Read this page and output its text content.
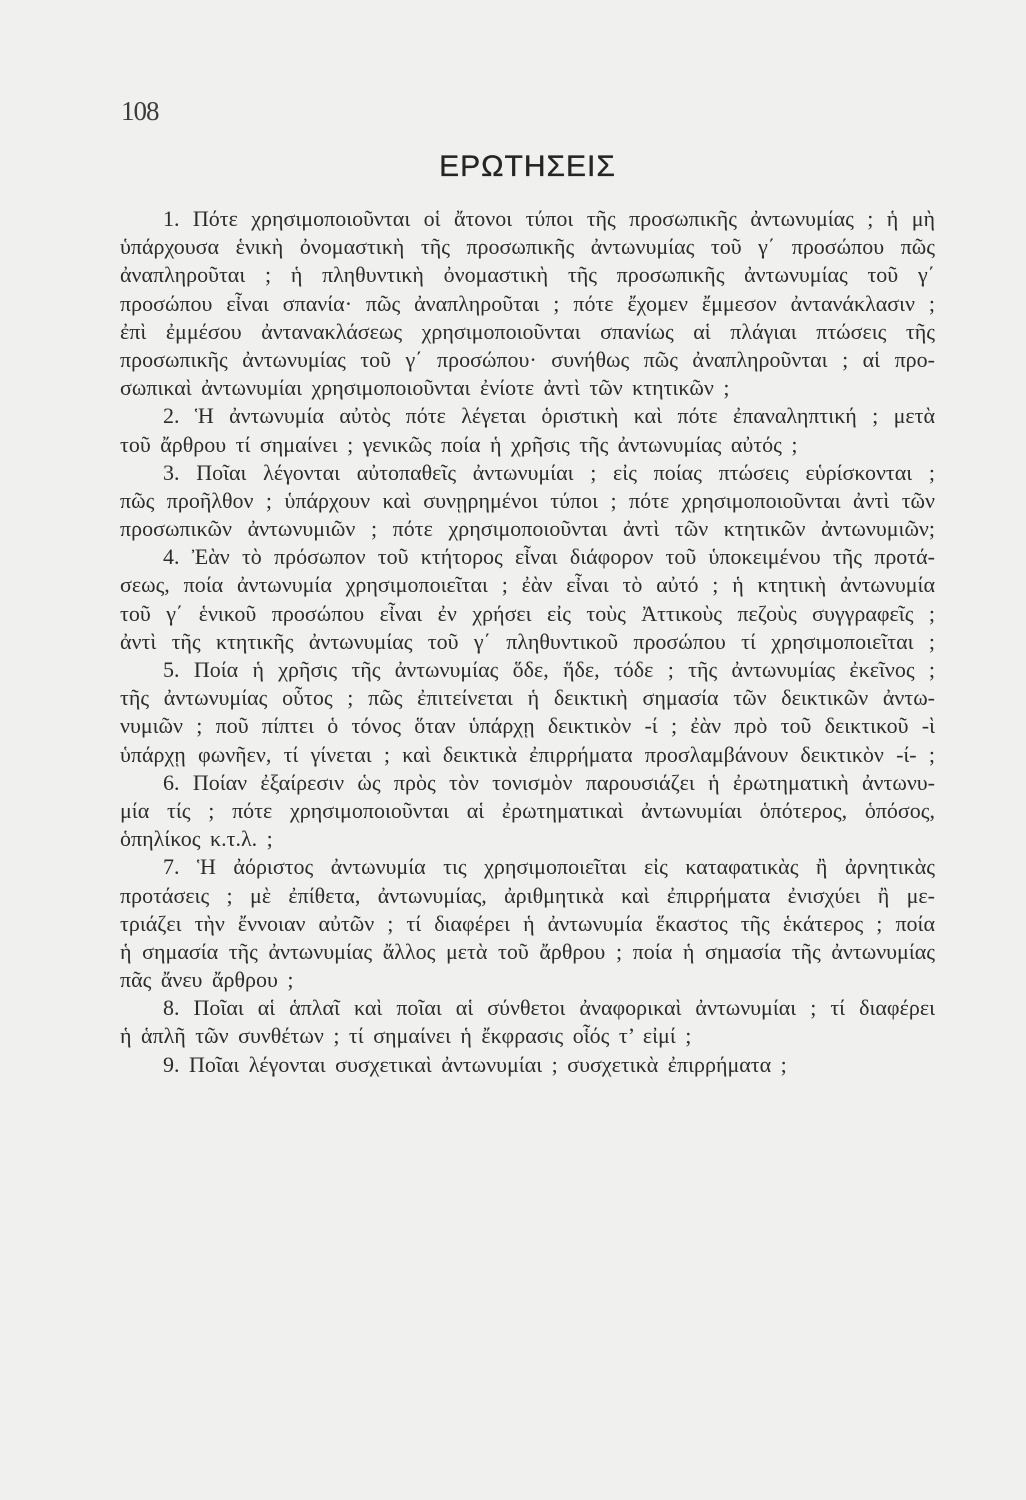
108
ΕΡΩΤΗΣΕΙΣ
1. Πότε χρησιμοποιοῦνται οἱ ἄτονοι τύποι τῆς προσωπικῆς ἀντωνυμίας ; ἡ μὴ
ὑπάρχουσα ἑνικὴ ὀνομαστικὴ τῆς προσωπικῆς ἀντωνυμίας τοῦ γ΄ προσώπου πῶς
ἀναπληροῦται ; ἡ πληθυντικὴ ὀνομαστικὴ τῆς προσωπικῆς ἀντωνυμίας τοῦ γ΄
προσώπου εἶναι σπανία· πῶς ἀναπληροῦται ; πότε ἔχομεν ἔμμεσον ἀντανάκλασιν ;
ἐπὶ ἐμμέσου ἀντανακλάσεως χρησιμοποιοῦνται σπανίως αἱ πλάγιαι πτώσεις τῆς
προσωπικῆς ἀντωνυμίας τοῦ γ΄ προσώπου· συνήθως πῶς ἀναπληροῦνται ; αἱ προ-
σωπικαὶ ἀντωνυμίαι χρησιμοποιοῦνται ἐνίοτε ἀντὶ τῶν κτητικῶν ;
2. Ἡ ἀντωνυμία αὐτὸς πότε λέγεται ὁριστικὴ καὶ πότε ἐπαναληπτική ; μετὰ
τοῦ ἄρθρου τί σημαίνει ; γενικῶς ποία ἡ χρῆσις τῆς ἀντωνυμίας αὐτός ;
3. Ποῖαι λέγονται αὐτοπαθεῖς ἀντωνυμίαι ; εἰς ποίας πτώσεις εὑρίσκονται ;
πῶς προῆλθον ; ὑπάρχουν καὶ συνῃρημένοι τύποι ; πότε χρησιμοποιοῦνται ἀντὶ τῶν
προσωπικῶν ἀντωνυμιῶν ; πότε χρησιμοποιοῦνται ἀντὶ τῶν κτητικῶν ἀντωνυμιῶν;
4. Ἐὰν τὸ πρόσωπον τοῦ κτήτορος εἶναι διάφορον τοῦ ὑποκειμένου τῆς προτά-
σεως, ποία ἀντωνυμία χρησιμοποιεῖται ; ἐὰν εἶναι τὸ αὐτό ; ἡ κτητικὴ ἀντωνυμία
τοῦ γ΄ ἑνικοῦ προσώπου εἶναι ἐν χρήσει εἰς τοὺς Ἀττικοὺς πεζοὺς συγγραφεῖς ;
ἀντὶ τῆς κτητικῆς ἀντωνυμίας τοῦ γ΄ πληθυντικοῦ προσώπου τί χρησιμοποιεῖται ;
5. Ποία ἡ χρῆσις τῆς ἀντωνυμίας ὅδε, ἥδε, τόδε ; τῆς ἀντωνυμίας ἐκεῖνος ;
τῆς ἀντωνυμίας οὗτος ; πῶς ἐπιτείνεται ἡ δεικτικὴ σημασία τῶν δεικτικῶν ἀντω-
νυμιῶν ; ποῦ πίπτει ὁ τόνος ὅταν ὑπάρχῃ δεικτικὸν -ί ; ἐὰν πρὸ τοῦ δεικτικοῦ -ὶ
ὑπάρχῃ φωνῆεν, τί γίνεται ; καὶ δεικτικὰ ἐπιρρήματα προσλαμβάνουν δεικτικὸν -ί- ;
6. Ποίαν ἐξαίρεσιν ὡς πρὸς τὸν τονισμὸν παρουσιάζει ἡ ἐρωτηματικὴ ἀντωνυ-
μία τίς ; πότε χρησιμοποιοῦνται αἱ ἐρωτηματικαὶ ἀντωνυμίαι ὁπότερος, ὁπόσος,
ὁπηλίκος κ.τ.λ. ;
7. Ἡ ἀόριστος ἀντωνυμία τις χρησιμοποιεῖται εἰς καταφατικὰς ἢ ἀρνητικὰς
προτάσεις ; μὲ ἐπίθετα, ἀντωνυμίας, ἀριθμητικὰ καὶ ἐπιρρήματα ἐνισχύει ἢ με-
τριάζει τὴν ἔννοιαν αὐτῶν ; τί διαφέρει ἡ ἀντωνυμία ἕκαστος τῆς ἑκάτερος ; ποία
ἡ σημασία τῆς ἀντωνυμίας ἄλλος μετὰ τοῦ ἄρθρου ; ποία ἡ σημασία τῆς ἀντωνυμίας
πᾶς ἄνευ ἄρθρου ;
8. Ποῖαι αἱ ἁπλαῖ καὶ ποῖαι αἱ σύνθετοι ἀναφορικαὶ ἀντωνυμίαι ; τί διαφέρει
ἡ ἁπλῆ τῶν συνθέτων ; τί σημαίνει ἡ ἔκφρασις οἷός τ’ εἰμί ;
9. Ποῖαι λέγονται συσχετικαὶ ἀντωνυμίαι ; συσχετικὰ ἐπιρρήματα ;
